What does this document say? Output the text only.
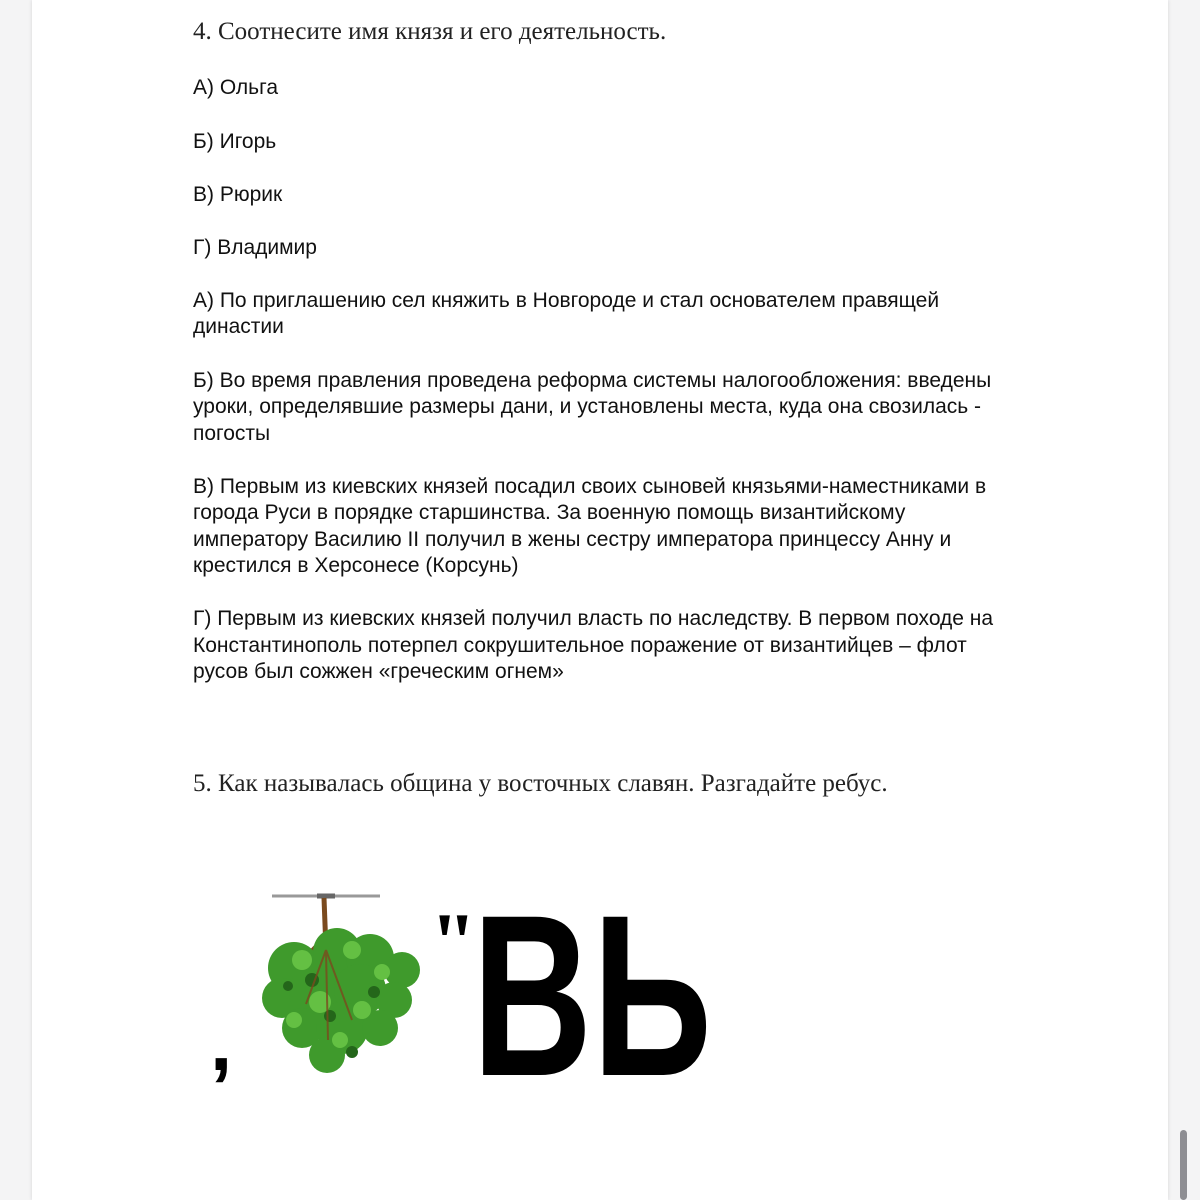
4. Соотнесите имя князя и его деятельность.

А) Ольга

Б) Игорь

В) Рюрик

Г) Владимир

А) По приглашению сел княжить в Новгороде и стал основателем правящей

династии

Б) Во время правления проведена реформа системы налогообложения: введены

уроки, определявшие размеры дани, и установлены места, куда она свозилась -

погосты

В) Первым из киевских князей посадил своих сыновей князьями-наместниками в

города Руси в порядке старшинства. За военную помощь византийскому

императору Василию II получил в жены сестру императора принцессу Анну и

крестился в Херсонесе (Корсунь)

Г) Первым из киевских князей получил власть по наследству. В первом походе на

Константинополь потерпел сокрушительное поражение от византийцев – флот

русов был сожжен «греческим огнем»

5. Как называлась община у восточных славян. Разгадайте ребус.

,
"
ВЬ
